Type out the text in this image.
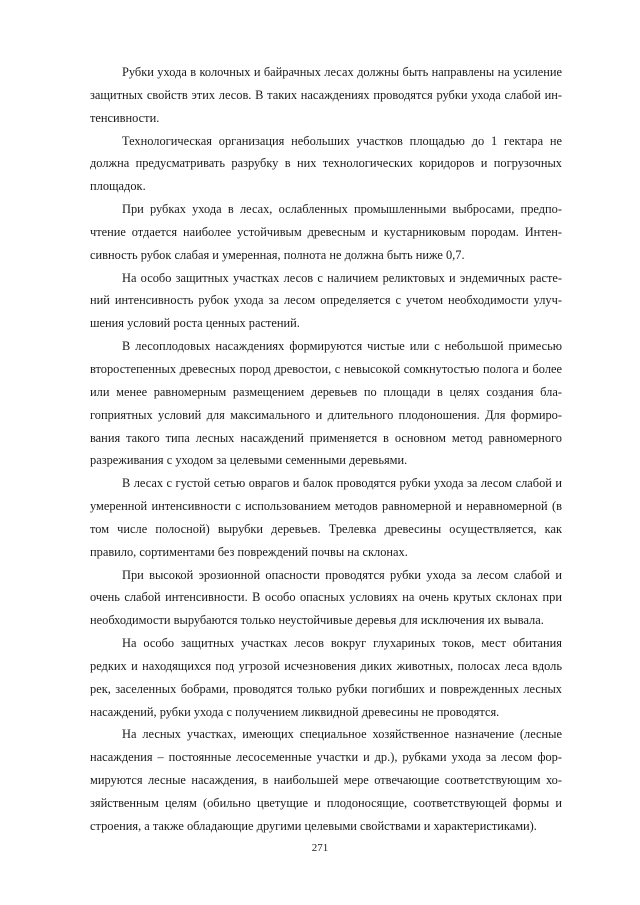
Рубки ухода в колочных и байрачных лесах должны быть направлены на усиление защитных свойств этих лесов. В таких насаждениях проводятся рубки ухода слабой интенсивности.

Технологическая организация небольших участков площадью до 1 гектара не должна предусматривать разрубку в них технологических коридоров и погрузочных площадок.

При рубках ухода в лесах, ослабленных промышленными выбросами, предпочтение отдается наиболее устойчивым древесным и кустарниковым породам. Интенсивность рубок слабая и умеренная, полнота не должна быть ниже 0,7.

На особо защитных участках лесов с наличием реликтовых и эндемичных растений интенсивность рубок ухода за лесом определяется с учетом необходимости улучшения условий роста ценных растений.

В лесоплодовых насаждениях формируются чистые или с небольшой примесью второстепенных древесных пород древостои, с невысокой сомкнутостью полога и более или менее равномерным размещением деревьев по площади в целях создания благоприятных условий для максимального и длительного плодоношения. Для формирования такого типа лесных насаждений применяется в основном метод равномерного разреживания с уходом за целевыми семенными деревьями.

В лесах с густой сетью оврагов и балок проводятся рубки ухода за лесом слабой и умеренной интенсивности с использованием методов равномерной и неравномерной (в том числе полосной) вырубки деревьев. Трелевка древесины осуществляется, как правило, сортиментами без повреждений почвы на склонах.

При высокой эрозионной опасности проводятся рубки ухода за лесом слабой и очень слабой интенсивности. В особо опасных условиях на очень крутых склонах при необходимости вырубаются только неустойчивые деревья для исключения их вывала.

На особо защитных участках лесов вокруг глухариных токов, мест обитания редких и находящихся под угрозой исчезновения диких животных, полосах леса вдоль рек, заселенных бобрами, проводятся только рубки погибших и поврежденных лесных насаждений, рубки ухода с получением ликвидной древесины не проводятся.

На лесных участках, имеющих специальное хозяйственное назначение (лесные насаждения – постоянные лесосеменные участки и др.), рубками ухода за лесом формируются лесные насаждения, в наибольшей мере отвечающие соответствующим хозяйственным целям (обильно цветущие и плодоносящие, соответствующей формы и строения, а также обладающие другими целевыми свойствами и характеристиками).

271
